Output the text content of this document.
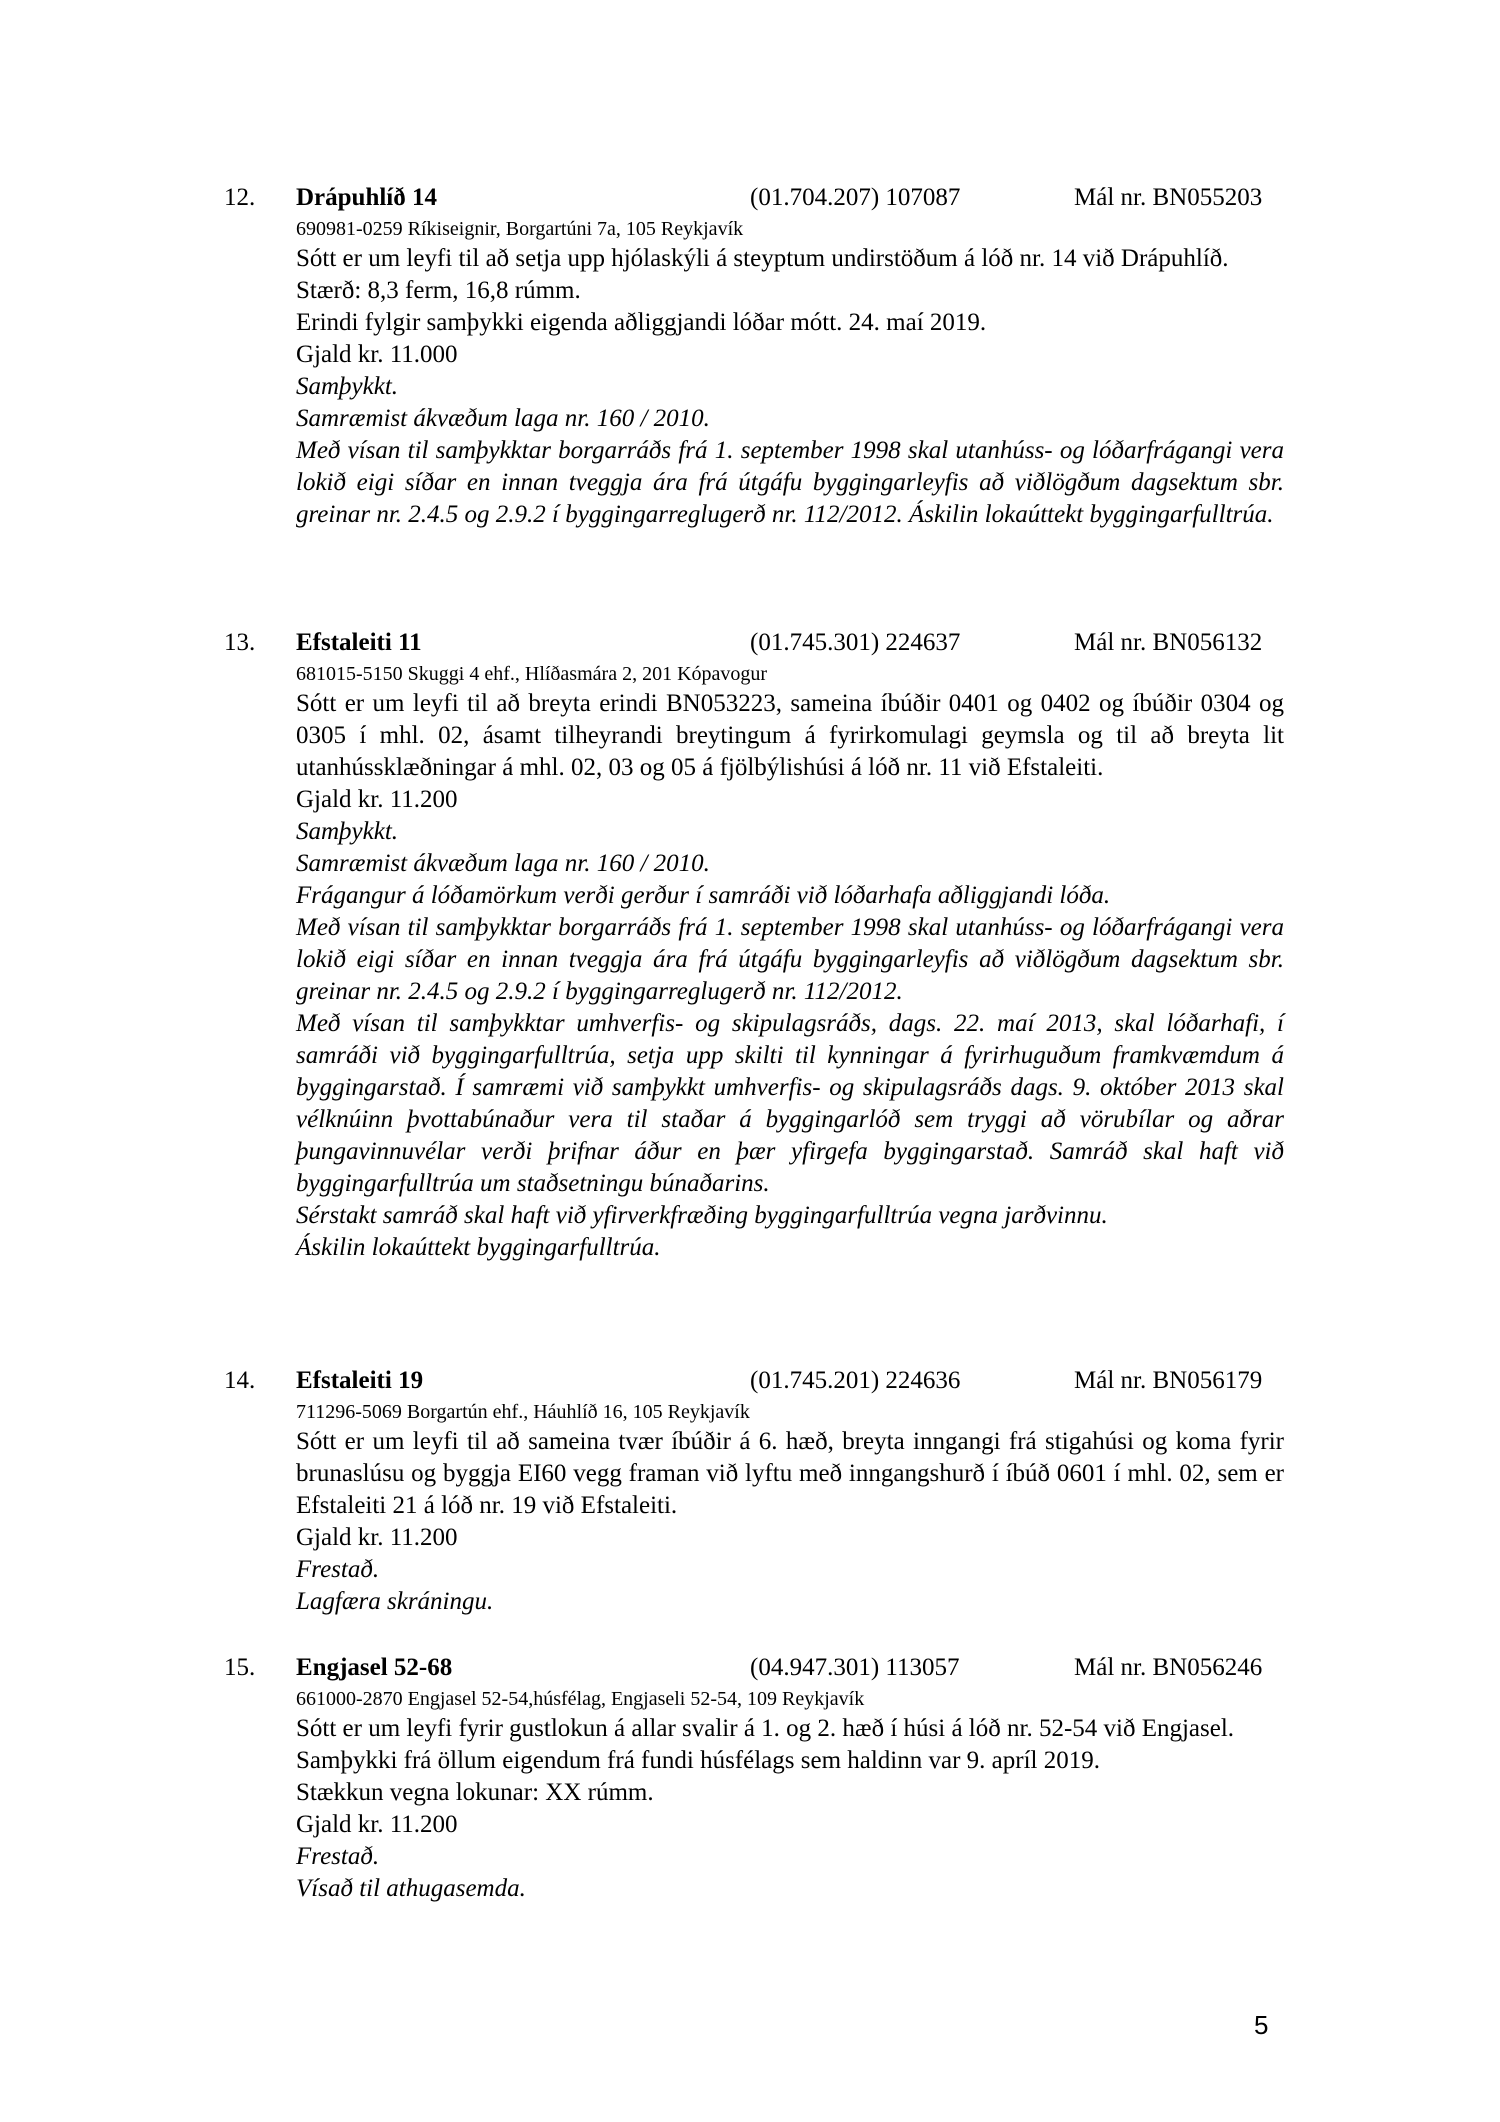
12. Drápuhlíð 14	(01.704.207) 107087	Mál nr. BN055203
690981-0259 Ríkiseignir, Borgartúni 7a, 105 Reykjavík

Sótt er um leyfi til að setja upp hjólaskýli á steyptum undirstöðum á lóð nr. 14 við Drápuhlíð.

Stærð: 8,3 ferm, 16,8 rúmm.

Erindi fylgir samþykki eigenda aðliggjandi lóðar mótt. 24. maí 2019.

Gjald kr. 11.000

Samþykkt.

Samræmist ákvæðum laga nr. 160 / 2010.

Með vísan til samþykktar borgarráðs frá 1. september 1998 skal utanhúss- og lóðarfrágangi vera lokið eigi síðar en innan tveggja ára frá útgáfu byggingarleyfis að viðlögðum dagsektum sbr. greinar nr. 2.4.5 og 2.9.2 í byggingarreglugerð nr. 112/2012. Áskilin lokaúttekt byggingarfulltrúa.

13. Efstaleiti 11	(01.745.301) 224637	Mál nr. BN056132
681015-5150 Skuggi 4 ehf., Hlíðasmára 2, 201 Kópavogur

Sótt er um leyfi til að breyta erindi BN053223, sameina íbúðir 0401 og 0402 og íbúðir 0304 og 0305 í mhl. 02, ásamt tilheyrandi breytingum á fyrirkomulagi geymsla og til að breyta lit utanhússklæðningar á mhl. 02, 03 og 05 á fjölbýlishúsi á lóð nr. 11 við Efstaleiti.

Gjald kr. 11.200

Samþykkt.

Samræmist ákvæðum laga nr. 160 / 2010.

Frágangur á lóðamörkum verði gerður í samráði við lóðarhafa aðliggjandi lóða.

Með vísan til samþykktar borgarráðs frá 1. september 1998 skal utanhúss- og lóðarfrágangi vera lokið eigi síðar en innan tveggja ára frá útgáfu byggingarleyfis að viðlögðum dagsektum sbr. greinar nr. 2.4.5 og 2.9.2 í byggingarreglugerð nr. 112/2012.

Með vísan til samþykktar umhverfis- og skipulagsráðs, dags. 22. maí 2013, skal lóðarhafi, í samráði við byggingarfulltrúa, setja upp skilti til kynningar á fyrirhuguðum framkvæmdum á byggingarstað. Í samræmi við samþykkt umhverfis- og skipulagsráðs dags. 9. október 2013 skal vélknúinn þvottabúnaður vera til staðar á byggingarlóð sem tryggi að vörubílar og aðrar þungavinnuvélar verði þrifnar áður en þær yfirgefa byggingarstað. Samráð skal haft við byggingarfulltrúa um staðsetningu búnaðarins.

Sérstakt samráð skal haft við yfirverkfræðing byggingarfulltrúa vegna jarðvinnu.

Áskilin lokaúttekt byggingarfulltrúa.

14. Efstaleiti 19	(01.745.201) 224636	Mál nr. BN056179
711296-5069 Borgartún ehf., Háuhlíð 16, 105 Reykjavík

Sótt er um leyfi til að sameina tvær íbúðir á 6. hæð, breyta inngangi frá stigahúsi og koma fyrir brunaslúsu og byggja EI60 vegg framan við lyftu með inngangshurð í íbúð 0601 í mhl. 02, sem er Efstaleiti 21 á lóð nr. 19 við Efstaleiti.

Gjald kr. 11.200

Frestað.

Lagfæra skráningu.

15. Engjasel 52-68	(04.947.301) 113057	Mál nr. BN056246
661000-2870 Engjasel 52-54,húsfélag, Engjaseli 52-54, 109 Reykjavík

Sótt er um leyfi fyrir gustlokun á allar svalir á 1. og 2. hæð í húsi á lóð nr. 52-54 við Engjasel.

Samþykki frá öllum eigendum frá fundi húsfélags sem haldinn var 9. apríl 2019.

Stækkun vegna lokunar: XX rúmm.

Gjald kr. 11.200

Frestað.

Vísað til athugasemda.

5
